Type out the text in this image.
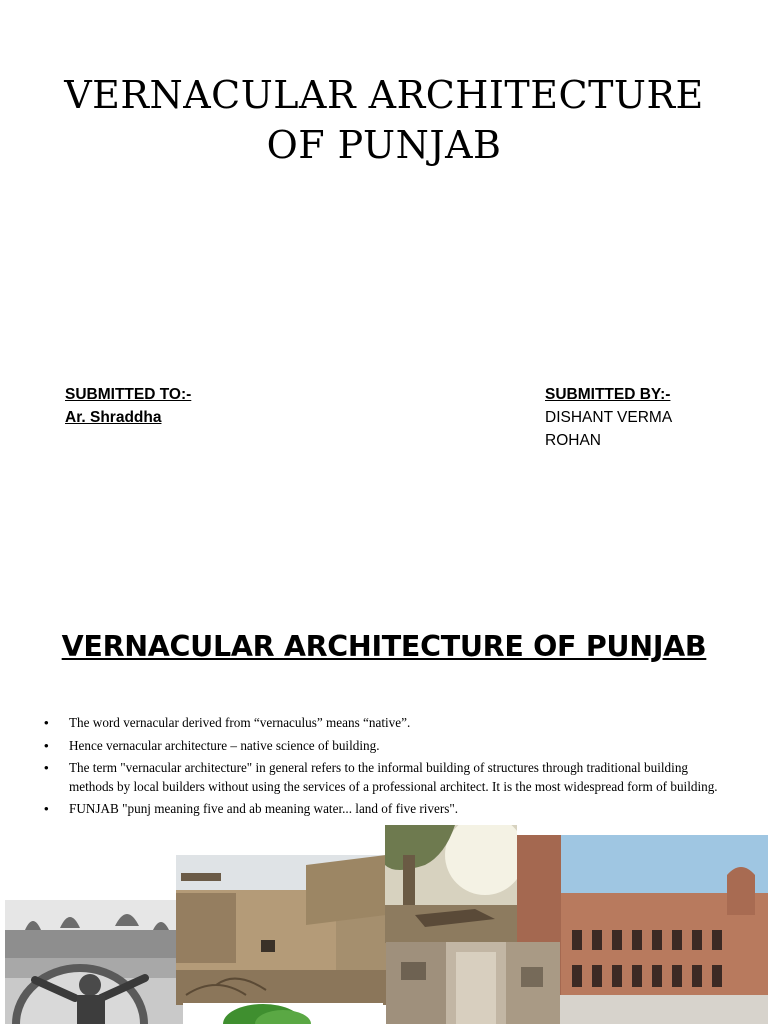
VERNACULAR ARCHITECTURE
OF PUNJAB
SUBMITTED TO:-
Ar. Shraddha
SUBMITTED BY:-
DISHANT VERMA
ROHAN
VERNACULAR ARCHITECTURE OF PUNJAB
• The word vernacular derived from “vernaculus” means “native”.
• Hence vernacular architecture – native science of building.
• The term "vernacular architecture" in general refers to the informal building of structures through traditional building methods by local builders without using the services of a professional architect. It is the most widespread form of building.
• FUNJAB "punj meaning five and ab meaning water... land of five rivers".
